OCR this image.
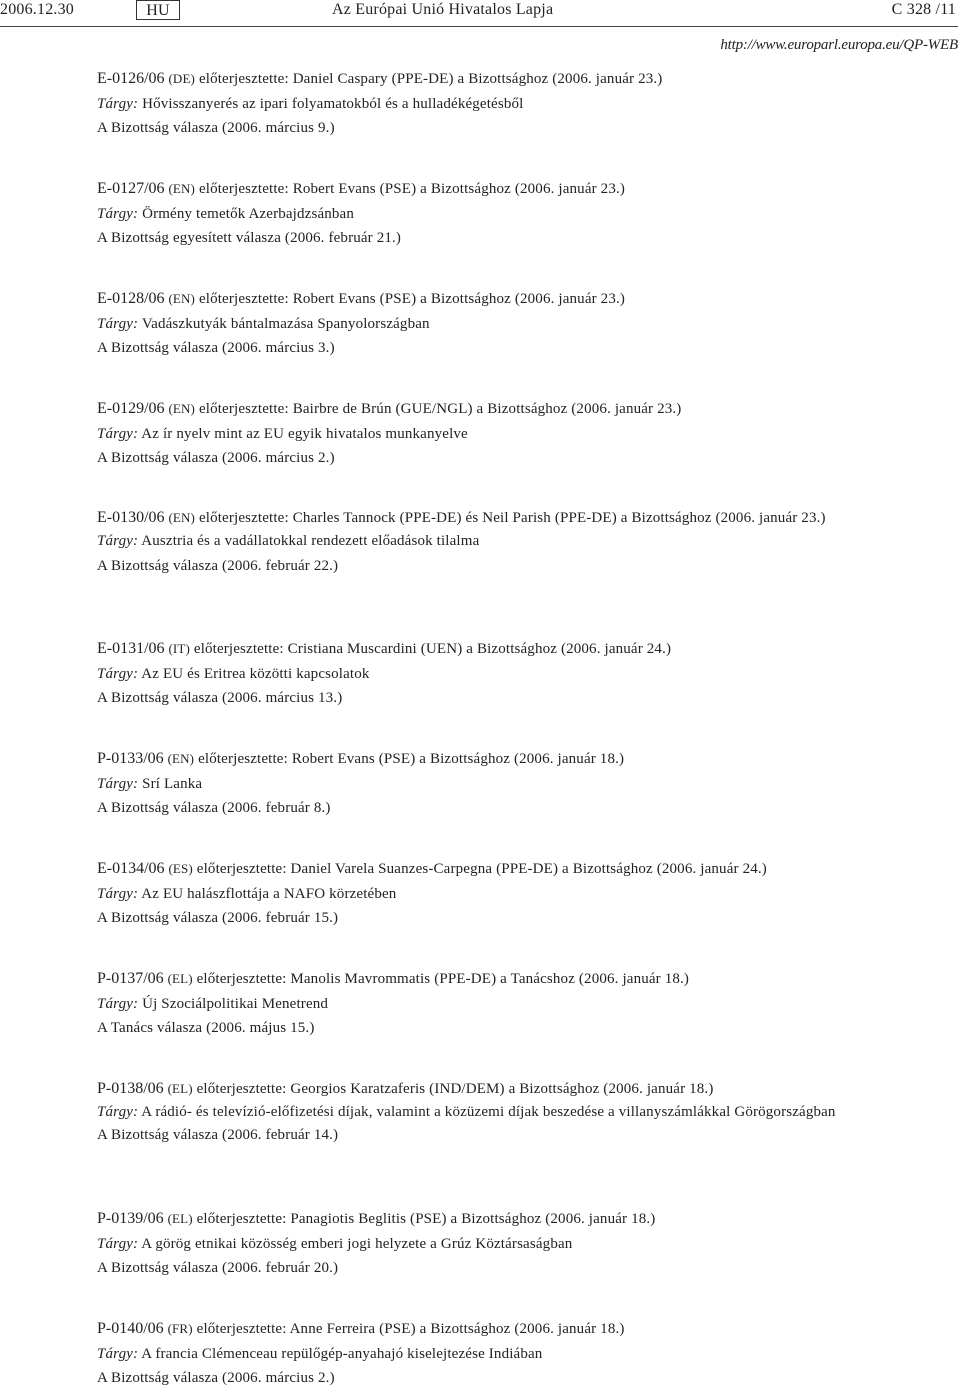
2006.12.30	HU	Az Európai Unió Hivatalos Lapja	C 328 /11
http://www.europarl.europa.eu/QP-WEB

E-0126/06 (DE) előterjesztette: Daniel Caspary (PPE-DE) a Bizottsághoz (2006. január 23.)

Tárgy: Hővisszanyerés az ipari folyamatokból és a hulladékégetésből

A Bizottság válasza (2006. március 9.)

E-0127/06 (EN) előterjesztette: Robert Evans (PSE) a Bizottsághoz (2006. január 23.)

Tárgy: Örmény temetők Azerbajdzsánban

A Bizottság egyesített válasza (2006. február 21.)

E-0128/06 (EN) előterjesztette: Robert Evans (PSE) a Bizottsághoz (2006. január 23.)

Tárgy: Vadászkutyák bántalmazása Spanyolországban

A Bizottság válasza (2006. március 3.)

E-0129/06 (EN) előterjesztette: Bairbre de Brún (GUE/NGL) a Bizottsághoz (2006. január 23.)

Tárgy: Az ír nyelv mint az EU egyik hivatalos munkanyelve

A Bizottság válasza (2006. március 2.)

E-0130/06 (EN) előterjesztette: Charles Tannock (PPE-DE) és Neil Parish (PPE-DE) a Bizottsághoz (2006. január 23.)

Tárgy: Ausztria és a vadállatokkal rendezett előadások tilalma

A Bizottság válasza (2006. február 22.)

E-0131/06 (IT) előterjesztette: Cristiana Muscardini (UEN) a Bizottsághoz (2006. január 24.)

Tárgy: Az EU és Eritrea közötti kapcsolatok

A Bizottság válasza (2006. március 13.)

P-0133/06 (EN) előterjesztette: Robert Evans (PSE) a Bizottsághoz (2006. január 18.)

Tárgy: Srí Lanka

A Bizottság válasza (2006. február 8.)

E-0134/06 (ES) előterjesztette: Daniel Varela Suanzes-Carpegna (PPE-DE) a Bizottsághoz (2006. január 24.)

Tárgy: Az EU halászflottája a NAFO körzetében

A Bizottság válasza (2006. február 15.)

P-0137/06 (EL) előterjesztette: Manolis Mavrommatis (PPE-DE) a Tanácshoz (2006. január 18.)

Tárgy: Új Szociálpolitikai Menetrend

A Tanács válasza (2006. május 15.)

P-0138/06 (EL) előterjesztette: Georgios Karatzaferis (IND/DEM) a Bizottsághoz (2006. január 18.)

Tárgy: A rádió- és televízió-előfizetési díjak, valamint a közüzemi díjak beszedése a villanyszámlákkal Görögországban

A Bizottság válasza (2006. február 14.)

P-0139/06 (EL) előterjesztette: Panagiotis Beglitis (PSE) a Bizottsághoz (2006. január 18.)

Tárgy: A görög etnikai közösség emberi jogi helyzete a Grúz Köztársaságban

A Bizottság válasza (2006. február 20.)

P-0140/06 (FR) előterjesztette: Anne Ferreira (PSE) a Bizottsághoz (2006. január 18.)

Tárgy: A francia Clémenceau repülőgép-anyahajó kiselejtezése Indiában

A Bizottság válasza (2006. március 2.)
